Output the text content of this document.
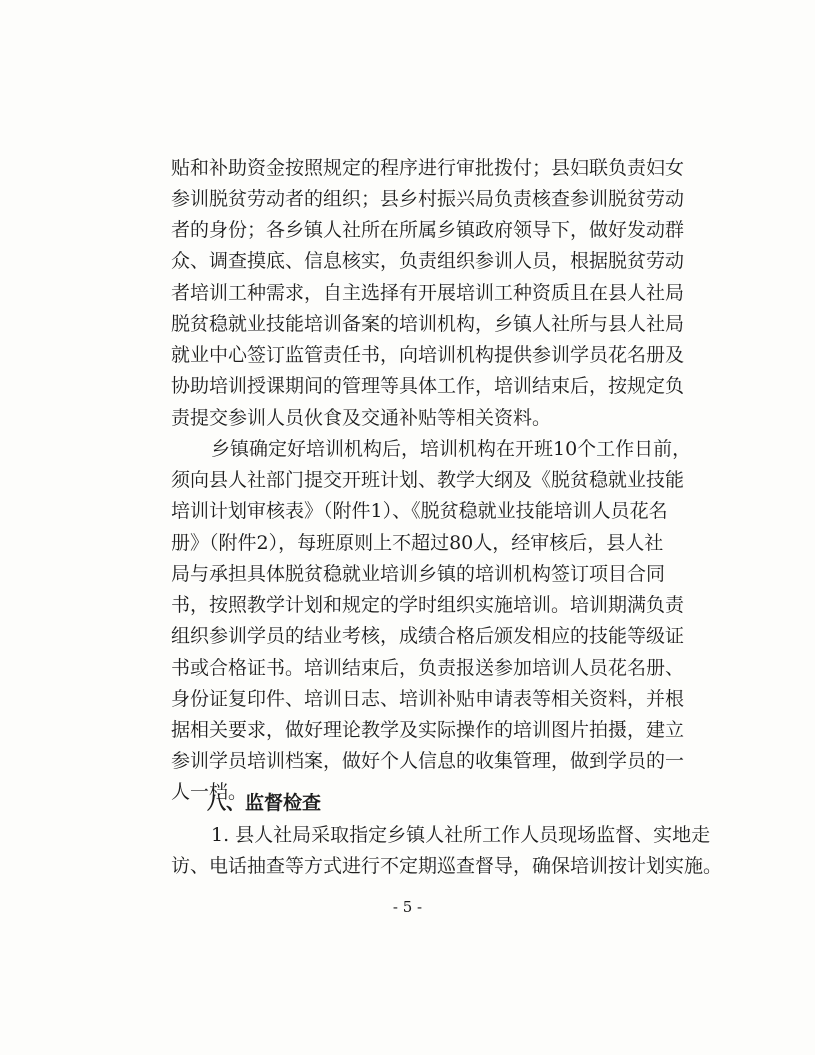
贴和补助资金按照规定的程序进行审批拨付；县妇联负责妇女
参训脱贫劳动者的组织；县乡村振兴局负责核查参训脱贫劳动
者的身份；各乡镇人社所在所属乡镇政府领导下，做好发动群
众、调查摸底、信息核实，负责组织参训人员，根据脱贫劳动
者培训工种需求，自主选择有开展培训工种资质且在县人社局
脱贫稳就业技能培训备案的培训机构，乡镇人社所与县人社局
就业中心签订监管责任书，向培训机构提供参训学员花名册及
协助培训授课期间的管理等具体工作，培训结束后，按规定负
责提交参训人员伙食及交通补贴等相关资料。
乡镇确定好培训机构后，培训机构在开班10个工作日前，
须向县人社部门提交开班计划、教学大纲及《脱贫稳就业技能
培训计划审核表》（附件1）、《脱贫稳就业技能培训人员花名
册》（附件2），每班原则上不超过80人，经审核后，县人社
局与承担具体脱贫稳就业培训乡镇的培训机构签订项目合同
书，按照教学计划和规定的学时组织实施培训。培训期满负责
组织参训学员的结业考核，成绩合格后颁发相应的技能等级证
书或合格证书。培训结束后，负责报送参加培训人员花名册、
身份证复印件、培训日志、培训补贴申请表等相关资料，并根
据相关要求，做好理论教学及实际操作的培训图片拍摄，建立
参训学员培训档案，做好个人信息的收集管理，做到学员的一
人一档。
八、监督检查
1. 县人社局采取指定乡镇人社所工作人员现场监督、实地走
访、电话抽查等方式进行不定期巡查督导，确保培训按计划实施。
- 5 -
